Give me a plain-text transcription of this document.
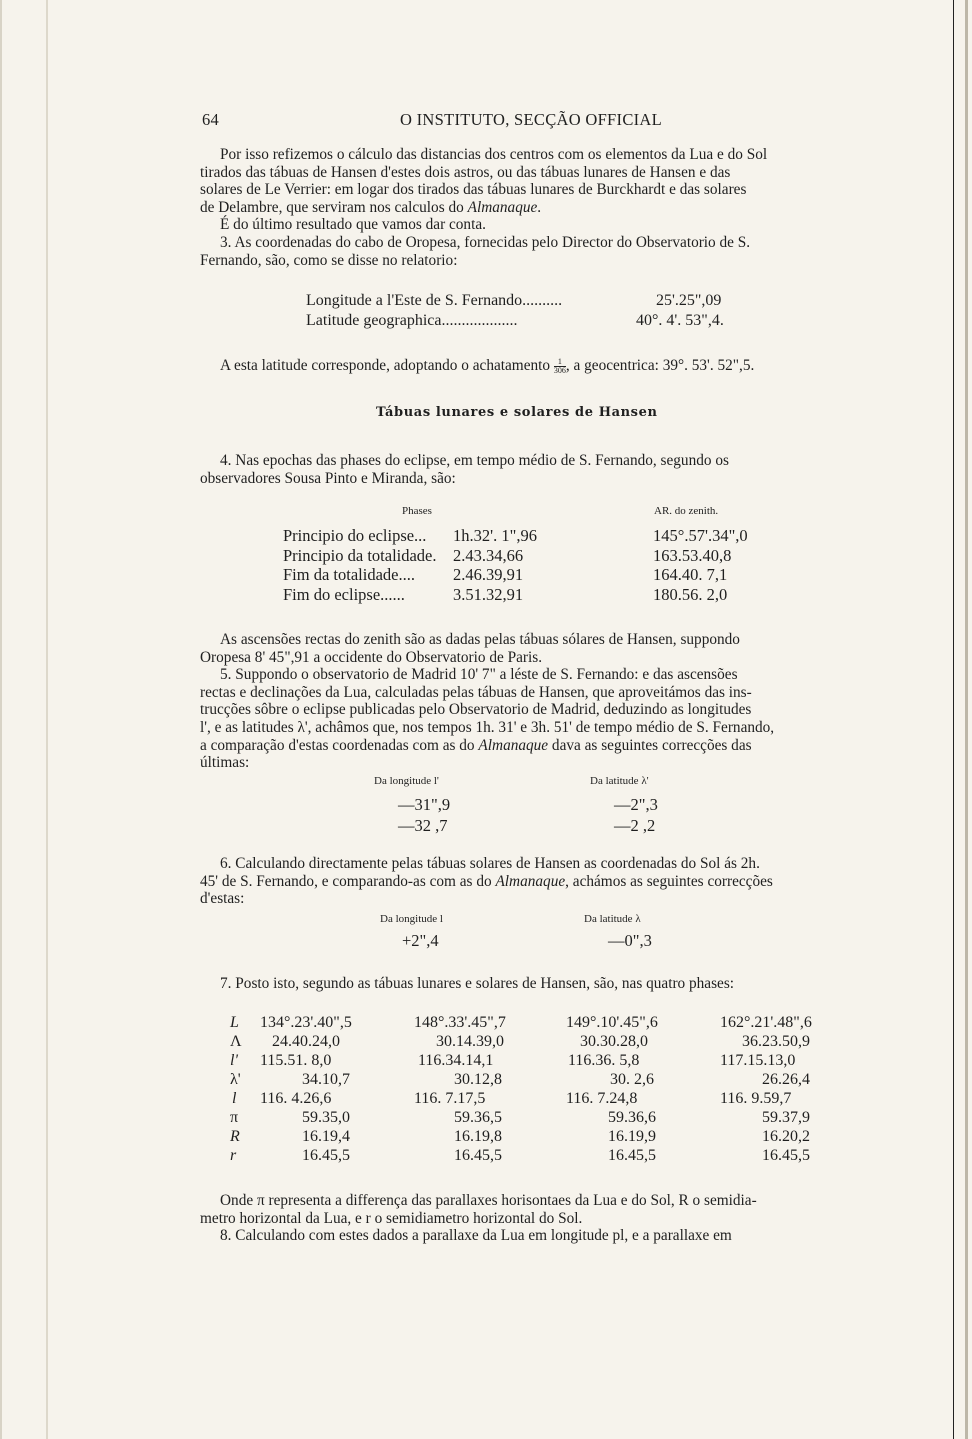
64	O INSTITUTO, SECÇÃO OFFICIAL

Por isso refizemos o cálculo das distancias dos centros com os elementos da Lua e do Sol

tirados das tábuas de Hansen d'estes dois astros, ou das tábuas lunares de Hansen e das

solares de Le Verrier: em logar dos tirados das tábuas lunares de Burckhardt e das solares

de Delambre, que serviram nos calculos do Almanaque.

É do último resultado que vamos dar conta.

3. As coordenadas do cabo de Oropesa, fornecidas pelo Director do Observatorio de S.

Fernando, são, como se disse no relatorio:

Longitude a l'Este de S. Fernando..........	25'.25",09
Latitude geographica...................	40°. 4'. 53",4.
A esta latitude corresponde, adoptando o achatamento $\frac{1}{306}$ , a geocentrica: 39°. 53'. 52",5.
Tábuas lunares e solares de Hansen

4. Nas epochas das phases do eclipse, em tempo médio de S. Fernando, segundo os

observadores Sousa Pinto e Miranda, são:

Phases	AR. do zenith.
Principio do eclipse...	1h.32'. 1",96	145°.57'.34",0
Principio da totalidade. 2.43.34,66	163.53.40,8
Fim da totalidade....	2.46.39,91	164.40. 7,1
Fim do eclipse......	3.51.32,91	180.56. 2,0

As ascensões rectas do zenith são as dadas pelas tábuas sólares de Hansen, suppondo

Oropesa 8' 45",91 a occidente do Observatorio de Paris.

5. Suppondo o observatorio de Madrid 10' 7" a léste de S. Fernando: e das ascensões

rectas e declinações da Lua, calculadas pelas tábuas de Hansen, que aproveitámos das ins-

trucções sôbre o eclipse publicadas pelo Observatorio de Madrid, deduzindo as longitudes

l', e as latitudes λ', achâmos que, nos tempos 1h. 31' e 3h. 51' de tempo médio de S. Fernando,

a comparação d'estas coordenadas com as do Almanaque dava as seguintes correcções das

últimas:

Da longitude l'	Da latitude λ'
—31",9
—32 ,7
—2",3
—2 ,2

6. Calculando directamente pelas tábuas solares de Hansen as coordenadas do Sol ás 2h.

45' de S. Fernando, e comparando-as com as do Almanaque, achámos as seguintes correcções

d'estas:

Da longitude l	Da latitude λ
+2",4	—0",3

7. Posto isto, segundo as tábuas lunares e solares de Hansen, são, nas quatro phases:

L 134°.23'.40",5	148°.33'.45",7	149°.10'.45",6	162°.21'.48",6
Λ 24.40.24,0	30.14.39,0	30.30.28,0	36.23.50,9
l' 115.51. 8,0	116.34.14,1	116.36. 5,8	117.15.13,0
λ'	34.10,7	30.12,8	30. 2,6	26.26,4
l 116. 4.26,6	116. 7.17,5	116. 7.24,8	116. 9.59,7
π	59.35,0	59.36,5	59.36,6	59.37,9
R	16.19,4	16.19,8	16.19,9	16.20,2
r	16.45,5	16.45,5	16.45,5	16.45,5

Onde π representa a differença das parallaxes horisontaes da Lua e do Sol, R o semidia-

metro horizontal da Lua, e r o semidiametro horizontal do Sol.

8. Calculando com estes dados a parallaxe da Lua em longitude pl, e a parallaxe em
